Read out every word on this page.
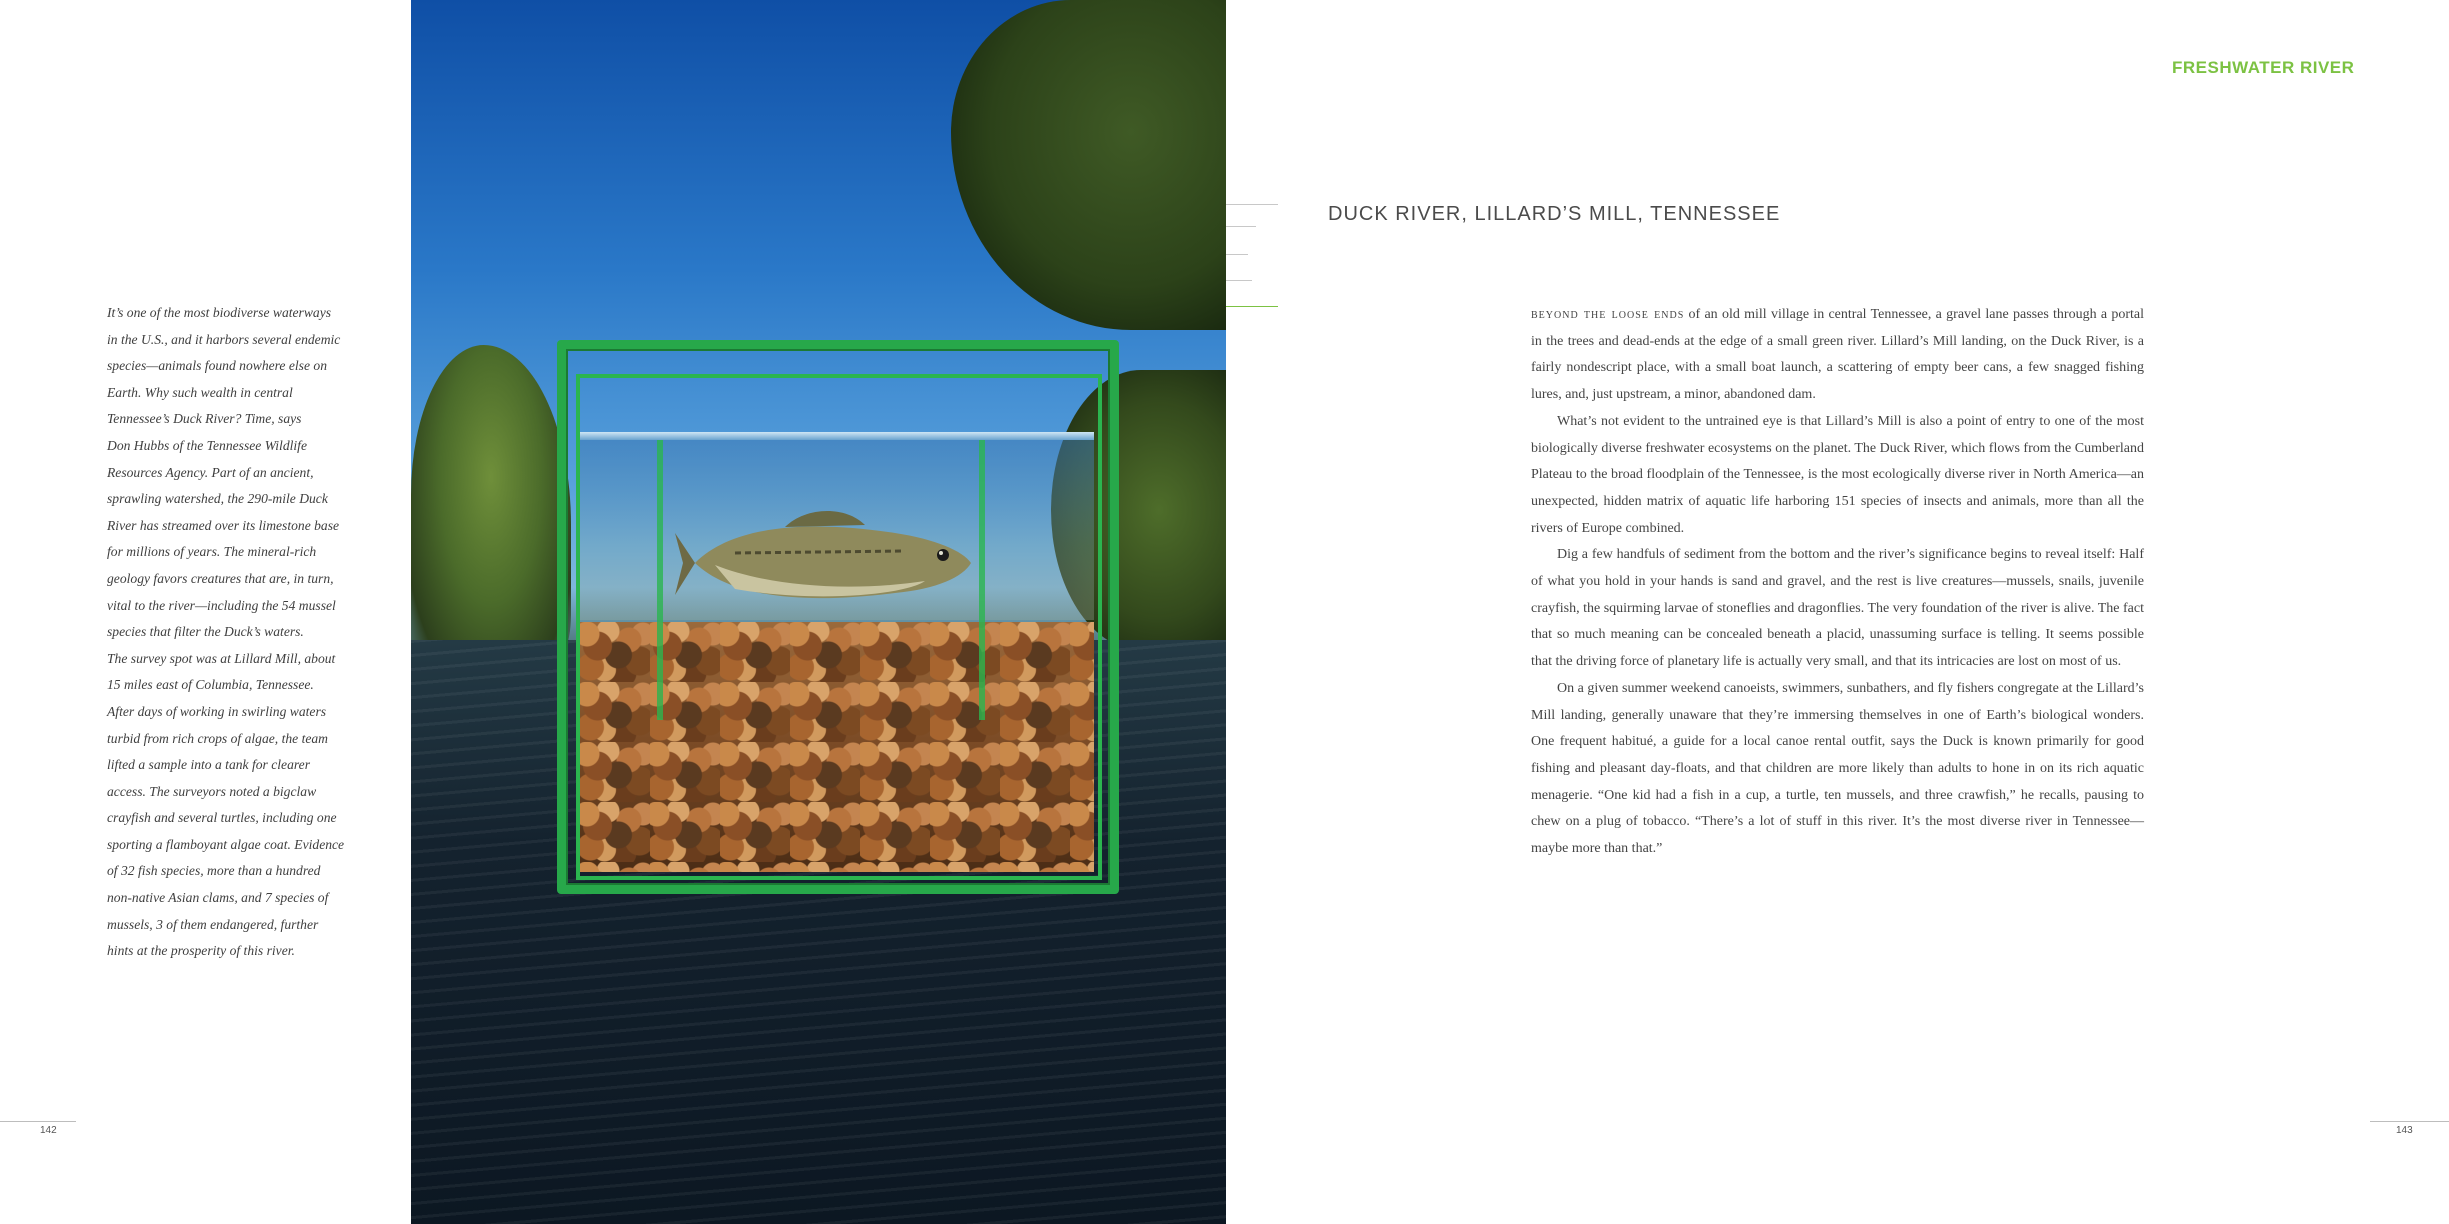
It’s one of the most biodiverse waterways

in the U.S., and it harbors several endemic

species—animals found nowhere else on

Earth. Why such wealth in central

Tennessee’s Duck River? Time, says

Don Hubbs of the Tennessee Wildlife

Resources Agency. Part of an ancient,

sprawling watershed, the 290-mile Duck

River has streamed over its limestone base

for millions of years. The mineral-rich

geology favors creatures that are, in turn,

vital to the river—including the 54 mussel

species that filter the Duck’s waters.

The survey spot was at Lillard Mill, about

15 miles east of Columbia, Tennessee.

After days of working in swirling waters

turbid from rich crops of algae, the team

lifted a sample into a tank for clearer

access. The surveyors noted a bigclaw

crayfish and several turtles, including one

sporting a flamboyant algae coat. Evidence

of 32 fish species, more than a hundred

non-native Asian clams, and 7 species of

mussels, 3 of them endangered, further

hints at the prosperity of this river.

142	143
FRESHWATER RIVER
DUCK RIVER, LILLARD’S MILL, TENNESSEE

beyond the loose ends of an old mill village in central Tennessee, a gravel lane passes through a portal in the trees and dead-ends at the edge of a small green river. Lillard’s Mill landing, on the Duck River, is a fairly nondescript place, with a small boat launch, a scattering of empty beer cans, a few snagged fishing lures, and, just upstream, a minor, abandoned dam.

What’s not evident to the untrained eye is that Lillard’s Mill is also a point of entry to one of the most biologically diverse freshwater ecosystems on the planet. The Duck River, which flows from the Cumberland Plateau to the broad floodplain of the Tennessee, is the most ecologically diverse river in North America—an unexpected, hidden matrix of aquatic life harboring 151 species of insects and animals, more than all the rivers of Europe combined.

Dig a few handfuls of sediment from the bottom and the river’s significance begins to reveal itself: Half of what you hold in your hands is sand and gravel, and the rest is live creatures—mussels, snails, juvenile crayfish, the squirming larvae of stoneflies and dragonflies. The very foundation of the river is alive. The fact that so much meaning can be concealed beneath a placid, unassuming surface is telling. It seems possible that the driving force of planetary life is actually very small, and that its intricacies are lost on most of us.

On a given summer weekend canoeists, swimmers, sunbathers, and fly fishers congregate at the Lillard’s Mill landing, generally unaware that they’re immersing themselves in one of Earth’s biological wonders. One frequent habitué, a guide for a local canoe rental outfit, says the Duck is known primarily for good fishing and pleasant day-floats, and that children are more likely than adults to hone in on its rich aquatic menagerie. “One kid had a fish in a cup, a turtle, ten mussels, and three crawfish,” he recalls, pausing to chew on a plug of tobacco. “There’s a lot of stuff in this river. It’s the most diverse river in Tennessee—maybe more than that.”
